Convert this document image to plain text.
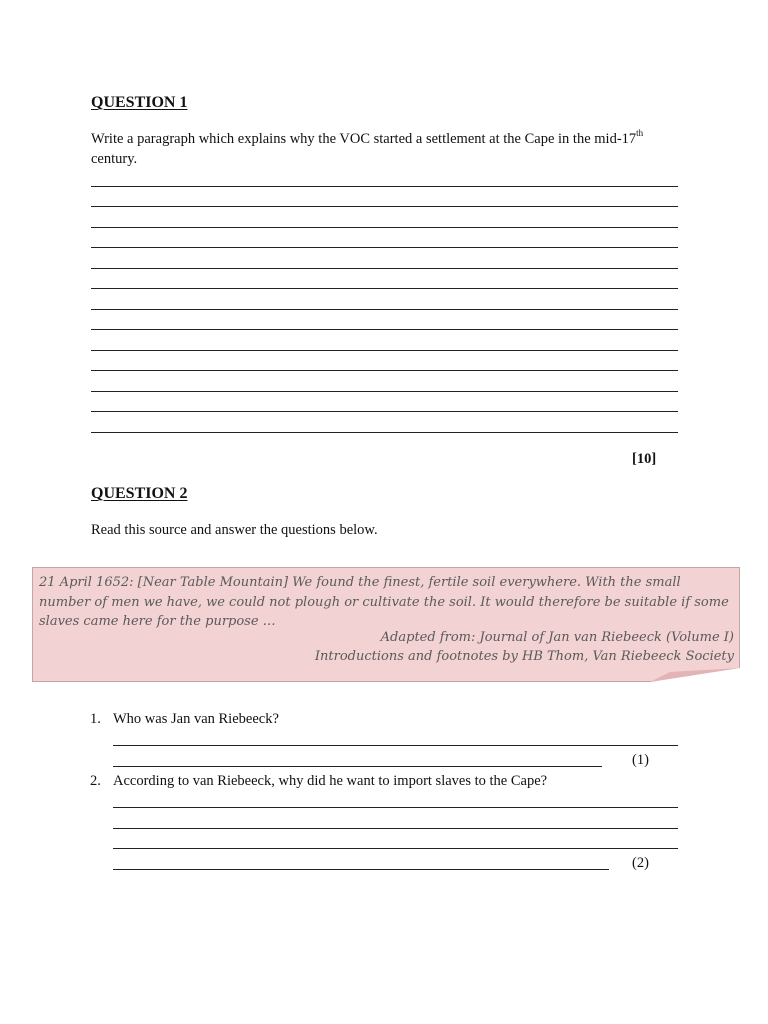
QUESTION 1
Write a paragraph which explains why the VOC started a settlement at the Cape in the mid-17th century.
[10]
QUESTION 2
Read this source and answer the questions below.
21 April 1652: [Near Table Mountain] We found the finest, fertile soil everywhere. With the small number of men we have, we could not plough or cultivate the soil. It would therefore be suitable if some slaves came here for the purpose …
Adapted from: Journal of Jan van Riebeeck (Volume I)
Introductions and footnotes by HB Thom, Van Riebeeck Society
1. Who was Jan van Riebeeck?
(1)
2. According to van Riebeeck, why did he want to import slaves to the Cape?
(2)
